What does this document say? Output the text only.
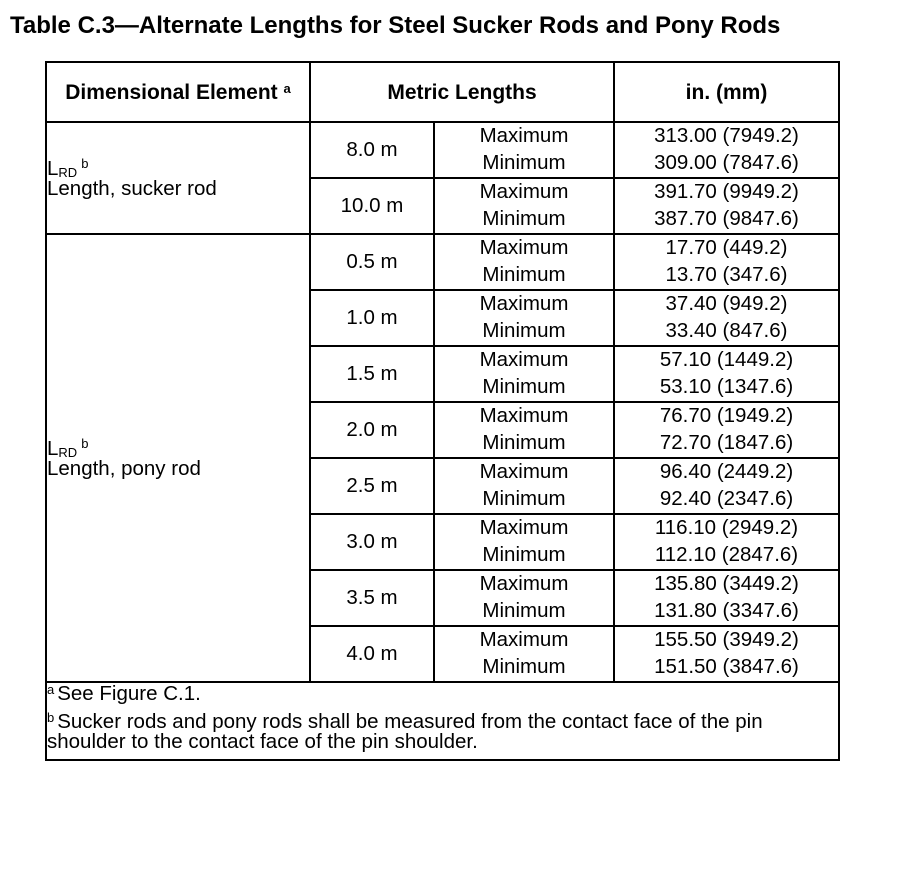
Table C.3—Alternate Lengths for Steel Sucker Rods and Pony Rods
Dimensional Element $^a$	Metric Lengths		in. (mm)

LRD$^b$
Length, sucker rod	8.0 m	Maximum	313.00 (7949.2)
		Minimum	309.00 (7847.6)
	10.0 m	Maximum	391.70 (9949.2)
		Minimum	387.70 (9847.6)

LRD$^b$
Length, pony rod	0.5 m	Maximum	17.70 (449.2)
		Minimum	13.70 (347.6)
	1.0 m	Maximum	37.40 (949.2)
		Minimum	33.40 (847.6)
	1.5 m	Maximum	57.10 (1449.2)
		Minimum	53.10 (1347.6)
	2.0 m	Maximum	76.70 (1949.2)
		Minimum	72.70 (1847.6)
	2.5 m	Maximum	96.40 (2449.2)
		Minimum	92.40 (2347.6)
	3.0 m	Maximum	116.10 (2949.2)
		Minimum	112.10 (2847.6)
	3.5 m	Maximum	135.80 (3449.2)
		Minimum	131.80 (3347.6)
	4.0 m	Maximum	155.50 (3949.2)
		Minimum	151.50 (3847.6)

$^a$ See Figure C.1.
$^b$ Sucker rods and pony rods shall be measured from the contact face of the pin shoulder to the contact face of the pin shoulder.			
